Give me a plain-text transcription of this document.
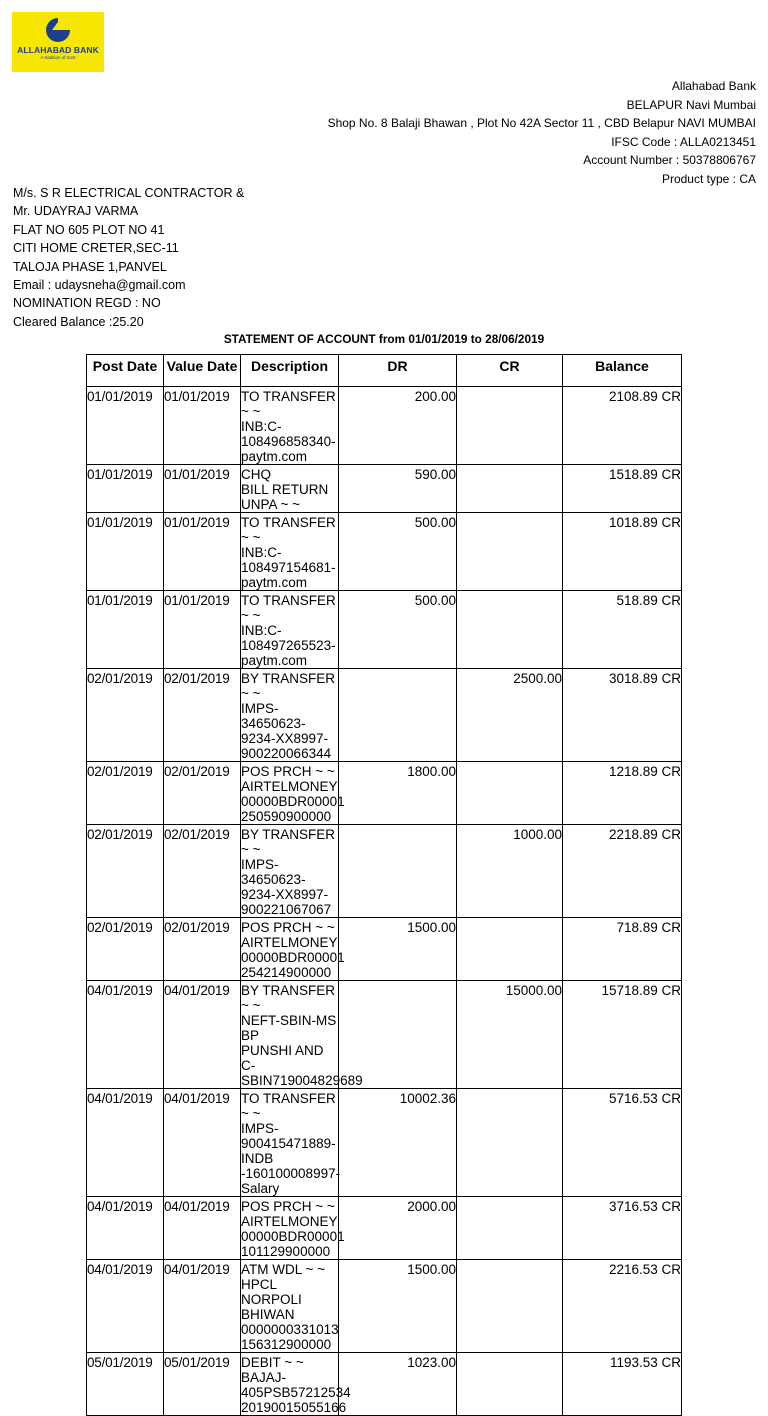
ALLAHABAD BANK
A tradition of trust
Allahabad Bank
BELAPUR Navi Mumbai
Shop No. 8 Balaji Bhawan , Plot No 42A Sector 11 , CBD Belapur NAVI MUMBAI
IFSC Code : ALLA0213451
Account Number : 50378806767
Product type : CA
M/s. S R ELECTRICAL CONTRACTOR &
Mr. UDAYRAJ VARMA
FLAT NO 605 PLOT NO 41
CITI HOME CRETER,SEC-11
TALOJA PHASE 1,PANVEL
Email : udaysneha@gmail.com
NOMINATION REGD : NO
Cleared Balance :25.20
STATEMENT OF ACCOUNT from 01/01/2019 to 28/06/2019
Post Date	Value Date	Description	DR	CR	Balance
01/01/2019	01/01/2019	TO TRANSFER ~ ~
INB:C-
108496858340-
paytm.com	200.00		2108.89 CR
01/01/2019	01/01/2019	CHQ
BILL RETURN
UNPA ~ ~	590.00		1518.89 CR
01/01/2019	01/01/2019	TO TRANSFER ~ ~
INB:C-
108497154681-
paytm.com	500.00		1018.89 CR
01/01/2019	01/01/2019	TO TRANSFER ~ ~
INB:C-
108497265523-
paytm.com	500.00		518.89 CR
02/01/2019	02/01/2019	BY TRANSFER ~ ~
IMPS-34650623-
9234-XX8997-
900220066344		2500.00	3018.89 CR
02/01/2019	02/01/2019	POS PRCH ~ ~
AIRTELMONEY
00000BDR00001
250590900000	1800.00		1218.89 CR
02/01/2019	02/01/2019	BY TRANSFER ~ ~
IMPS-34650623-
9234-XX8997-
900221067067		1000.00	2218.89 CR
02/01/2019	02/01/2019	POS PRCH ~ ~
AIRTELMONEY
00000BDR00001
254214900000	1500.00		718.89 CR
04/01/2019	04/01/2019	BY TRANSFER ~ ~
NEFT-SBIN-MS BP
PUNSHI AND C-
SBIN719004829689		15000.00	15718.89 CR
04/01/2019	04/01/2019	TO TRANSFER ~ ~
IMPS-
900415471889-INDB
-160100008997-
Salary	10002.36		5716.53 CR
04/01/2019	04/01/2019	POS PRCH ~ ~
AIRTELMONEY
00000BDR00001
101129900000	2000.00		3716.53 CR
04/01/2019	04/01/2019	ATM WDL ~ ~
HPCL NORPOLI
BHIWAN
0000000331013
156312900000	1500.00		2216.53 CR
05/01/2019	05/01/2019	DEBIT ~ ~ BAJAJ-
405PSB57212534
20190015055166	1023.00		1193.53 CR
